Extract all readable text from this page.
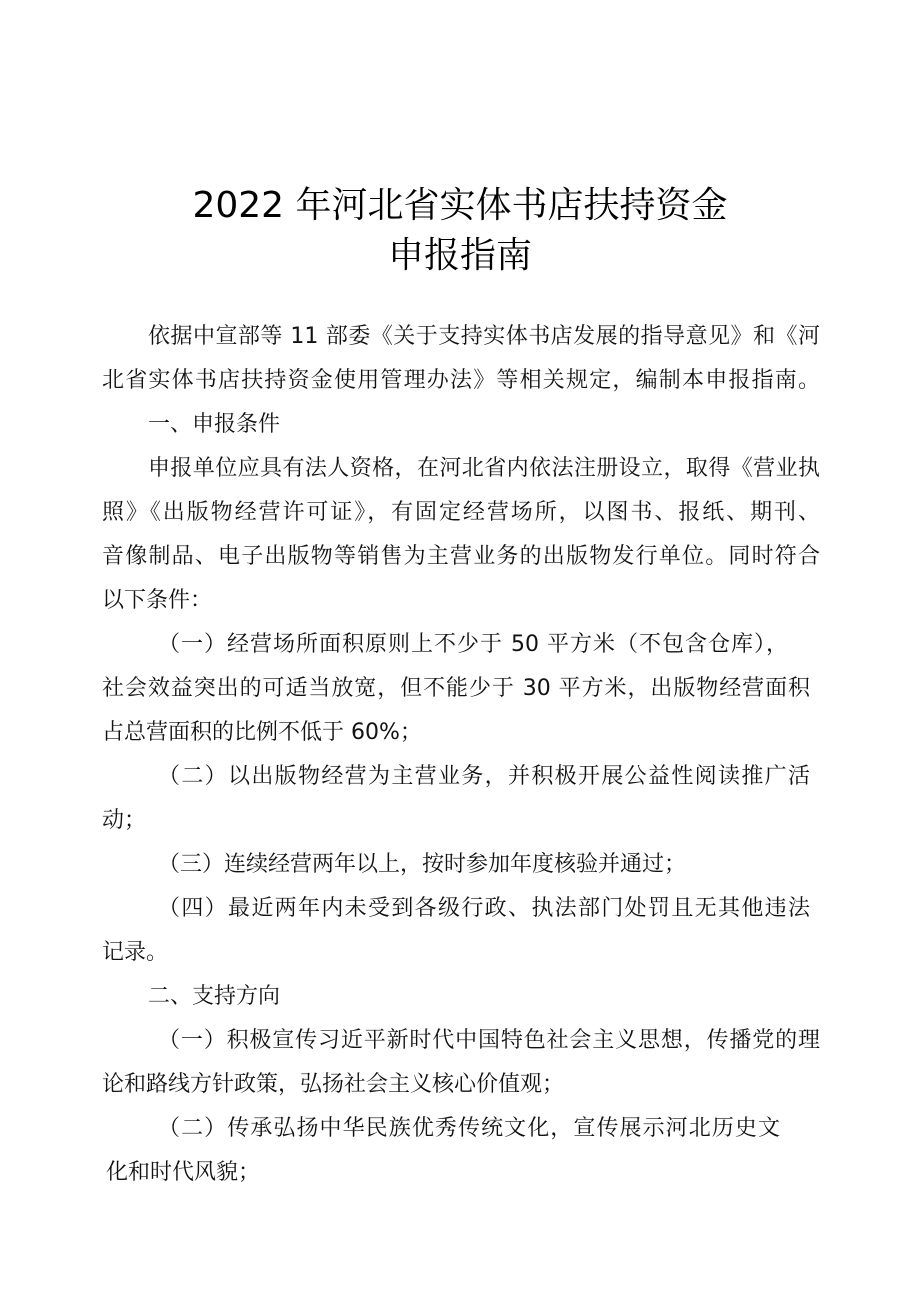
2022 年河北省实体书店扶持资金
申报指南
依据中宣部等 11 部委《关于支持实体书店发展的指导意见》和《河
北省实体书店扶持资金使用管理办法》等相关规定，编制本申报指南。
一、申报条件
申报单位应具有法人资格，在河北省内依法注册设立，取得《营业执
照》《出版物经营许可证》，有固定经营场所，以图书、报纸、期刊、
音像制品、电子出版物等销售为主营业务的出版物发行单位。同时符合
以下条件：
（一）经营场所面积原则上不少于 50 平方米（不包含仓库），
社会效益突出的可适当放宽，但不能少于 30 平方米，出版物经营面积
占总营面积的比例不低于 60%；
（二）以出版物经营为主营业务，并积极开展公益性阅读推广活
动；
（三）连续经营两年以上，按时参加年度核验并通过；
（四）最近两年内未受到各级行政、执法部门处罚且无其他违法
记录。
二、支持方向
（一）积极宣传习近平新时代中国特色社会主义思想，传播党的理
论和路线方针政策，弘扬社会主义核心价值观；
（二）传承弘扬中华民族优秀传统文化，宣传展示河北历史文
化和时代风貌；
